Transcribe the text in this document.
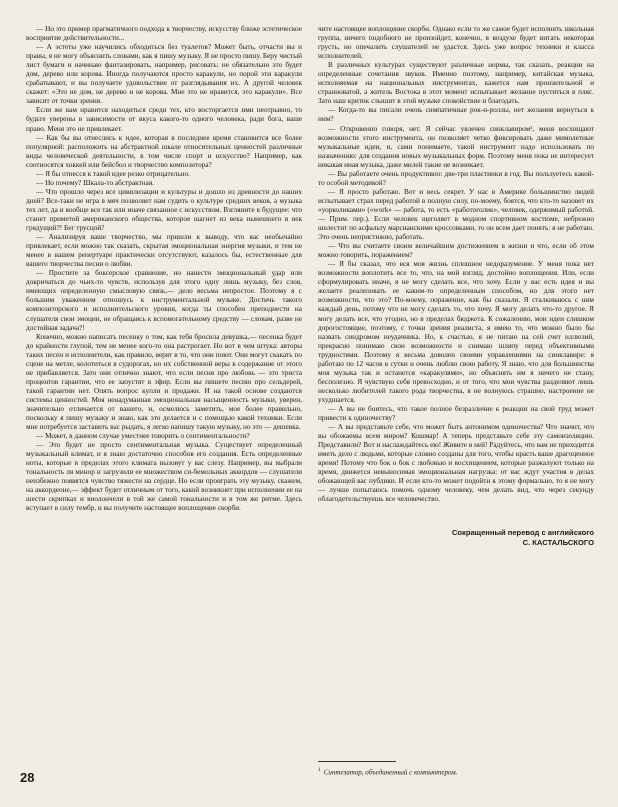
— Но это пример прагматичного подхода к творчеству, искусству ближе эстетическое восприятие действительности...

— А эстеты уже научились обходиться без туалетов? Может быть, отчасти вы и правы, я не могу объяснить словами, как я пишу музыку. Я не просто пишу. Беру чистый лист бумаги и начинаю фантазировать, например, рисовать: не обязательно это будет дом, дерево или корова. Иногда получаются просто каракули, но порой эти каракули срабатывают, и вы получаете удовольствие от разглядывания их. А другой человек скажет: «Это не дом, не дерево и не корова. Мне это не нравится, это каракули». Все зависит от точки зрения.

Если же вам нравится находиться среди тех, кто восторгается ими неотрывно, то будьте уверены в зависимости от вкуса какого-то одного человека, ради бога, ваше право. Меня это не привлекает.

— Как бы вы отнеслись к идее, которая в последнее время становится все более популярной: расположить на абстрактной шкале относительных ценностей различные виды человеческой деятельности, в том числе спорт и искусство? Например, как соотносятся хоккей или бейсбол и творчество композитора?

— Я бы отнесся к такой идее резко отрицательно.

— Но почему? Шкала-то абстрактная.

— Что прошло через все цивилизации и культуры и дошло из древности до наших дней? Все-таки не игра в мяч позволяет нам судить о культуре средних веков, а музыка тех лет, да и вообще все так или иначе связанное с искусством. Взгляните в будущее: что станет приметой американского общества, которое шагнет из века нынешнего в век грядущий?! Бег трусцой?

— Анализируя ваше творчество, мы пришли к выводу, что вас необычайно привлекает, если можно так сказать, скрытая эмоциональная энергия музыки, и тем не менее в вашем репертуаре практически отсутствуют, казалось бы, естественные для вашего творчества песни о любви.

— Простите за боксерское сравнение, но нанести эмоциональный удар или докричаться до чьих-то чувств, используя для этого одну лишь музыку, без слов, имеющих определенную смысловую связь,— дело весьма непростое. Поэтому я с большим уважением отношусь к инструментальной музыке. Достичь такого композиторского и исполнительского уровня, когда ты способен преподнести на слушателя свои эмоции, не обращаясь к вспомогательному средству — словам, разве не достойная задача?!

Конечно, можно написать песенку о том, как тебя бросила девушка,— песенка будет до крайности глупой, тем не менее кого-то она растрогает. Но вот в чем штука: авторы таких песен и исполнители, как правило, верят в то, что они поют. Они могут скакать по сцене на метле, колотиться в судорогах, но их собственной веры в содержание от этого не прибавляется. Зато они отлично знают, что если песня про любовь — это триста процентов гарантии, что ее запустят в эфир. Если вы пишете песню про сельдерей, такой гарантии нет. Опять вопрос купли и продажи. И на такой основе создаются системы ценностей. Моя ненадуманная эмоциональная насыщенность музыки, уверен, значительно отличается от вашего, и, осмелюсь заметить, мое более правильно, поскольку я пишу музыку и знаю, как это делается и с помощью какой техники. Если мне потребуется заставить вас рыдать, я легко напишу такую музыку, но это — дешевка.

— Может, в данном случае уместнее говорить о сентиментальности?

— Это будет не просто сентиментальная музыка. Существует определенный музыкальный климат, и я знаю достаточно способов его создания. Есть определенные ноты, которые в пределах этого климата вызовут у вас слезу. Например, вы выбрали тональность ля минор и загрузили ее множеством си-бемольных аккордов — слушатели неизбежно появятся чувство тяжести на сердце. Но если проиграть эту музыку, скажем, на аккордеоне,— эффект будет отличным от того, какой возникнет при исполнении ее на шести скрипках и виолончели в той же самой тональности и в том же ритме. Здесь вступает в силу тембр, и вы получите настоящее воплощение скорби.

чите настоящее воплощение скорби. Однако если то же самое будет исполнять школьная группа, ничего подобного не произойдет, конечно, в воздухе будет витать некоторая грусть, но опечалить слушателей не удастся. Здесь уже вопрос техники и класса исполнителей.

В различных культурах существуют различные нормы, так сказать, реакции на определенные сочетания звуков. Именно поэтому, например, китайская музыка, исполняемая на национальных инструментах, кажется нам пронзительной и странноватой, а житель Востока в этот момент испытывает желание пуститься в пляс. Зато наш критик слышит в этой музыке спокойствие и благодать.

— Когда-то вы писали очень симпатичные рок-н-роллы, нет желания вернуться к ним?

— Откровенно говоря, нет. Я сейчас увлечен синклавиром¹, меня восхищают возможности этого инструмента, он позволяет четко фиксировать даже мимолетные музыкальные идеи, и, сами понимаете, такой инструмент надо использовать по назначению: для создания новых музыкальных форм. Поэтому меня пока не интересует никакая иная музыка, даже милей такие не возникает.

— Вы работаете очень продуктивно: две-три пластинки в год. Вы пользуетесь какой-то особой методикой?

— Я просто работаю. Вот и весь секрет. У нас в Америке большинство людей испытывает страх перед работой в полную силу, по-моему, боятся, что кто-то назовет их «уорколиками» («work» — работа, то есть «работоголик», человек, одержимый работой.— Прим. пер.). Если человек щеголяет в модном спортивном костюме, небрежно шелестит по асфальту марсианскими кроссовками, то он всем дает понять: я не работаю. Это очень непристижно, работать.

— Что вы считаете своим величайшим достижением в жизни и что, если об этом можно говорить, поражением?

— Я бы сказал, что вся моя жизнь сплошное недоразумение. У меня пока нет возможности воплотить все то, что, на мой взгляд, достойно воплощения. Или, если сформулировать иначе, я не могу сделать все, что хочу. Если у вас есть идея и вы желаете реализовать ее каким-то определенным способом, но для этого нет возможности, что это? По-моему, поражение, как бы сказали. Я сталкиваюсь с ним каждый день, потому что не могу сделать то, что хочу. Я могу делать что-то другое. Я могу делать все, что угодно, но в пределах бюджета. К сожалению, мои идеи слишком дорогостоящие, поэтому, с точки зрения реалиста, я имею то, что можно было бы назвать синдромом неудачника. Но, к счастью, я не питаю на сей счет иллюзий, прекрасно понимаю свои возможности и снимаю шляпу перед объективными трудностями. Поэтому я весьма доволен своими управлениями на синклавире: я работаю по 12 часов в сутки и очень люблю свою работу. Я знаю, что для большинства моя музыка так и останется «каракулями», но объяснять им я ничего не стану, бесполезно. Я чувствую себя превосходно, и от того, что мои чувства разделяют лишь несколько любителей такого рода творчества, я не волнуюсь страшно, настроение не ухудшается.

— А вы не боитесь, что такое полное безразличие к реакции на свой труд может привести к одиночеству?

— А вы представьте себе, что может быть антонимом одиночества? Что значит, что вы обожаемы всем миром? Кошмар! А теперь представьте себе эту самоизоляцию. Представили? Вот и наслаждайтесь ею! Живите в ней! Радуйтесь, что вам не приходится иметь дело с людьми, которые словно созданы для того, чтобы красть ваше драгоценное время! Потому что бок о бок с любовью и восхищением, которые разжалуют только на время, движется невыносимая эмоциональная нагрузка: от вас ждут участия в делах обожающей вас публики. И если кто-то может подойти к этому формально, то я не могу — лучше попытаюсь помочь одному человеку, чем делать вид, что через секунду облагодетельствуешь все человечество.

Сокращенный перевод с английского
С. КАСТАЛЬСКОГО
$^1$ Синтезатор, объединенный с компьютером.
28
